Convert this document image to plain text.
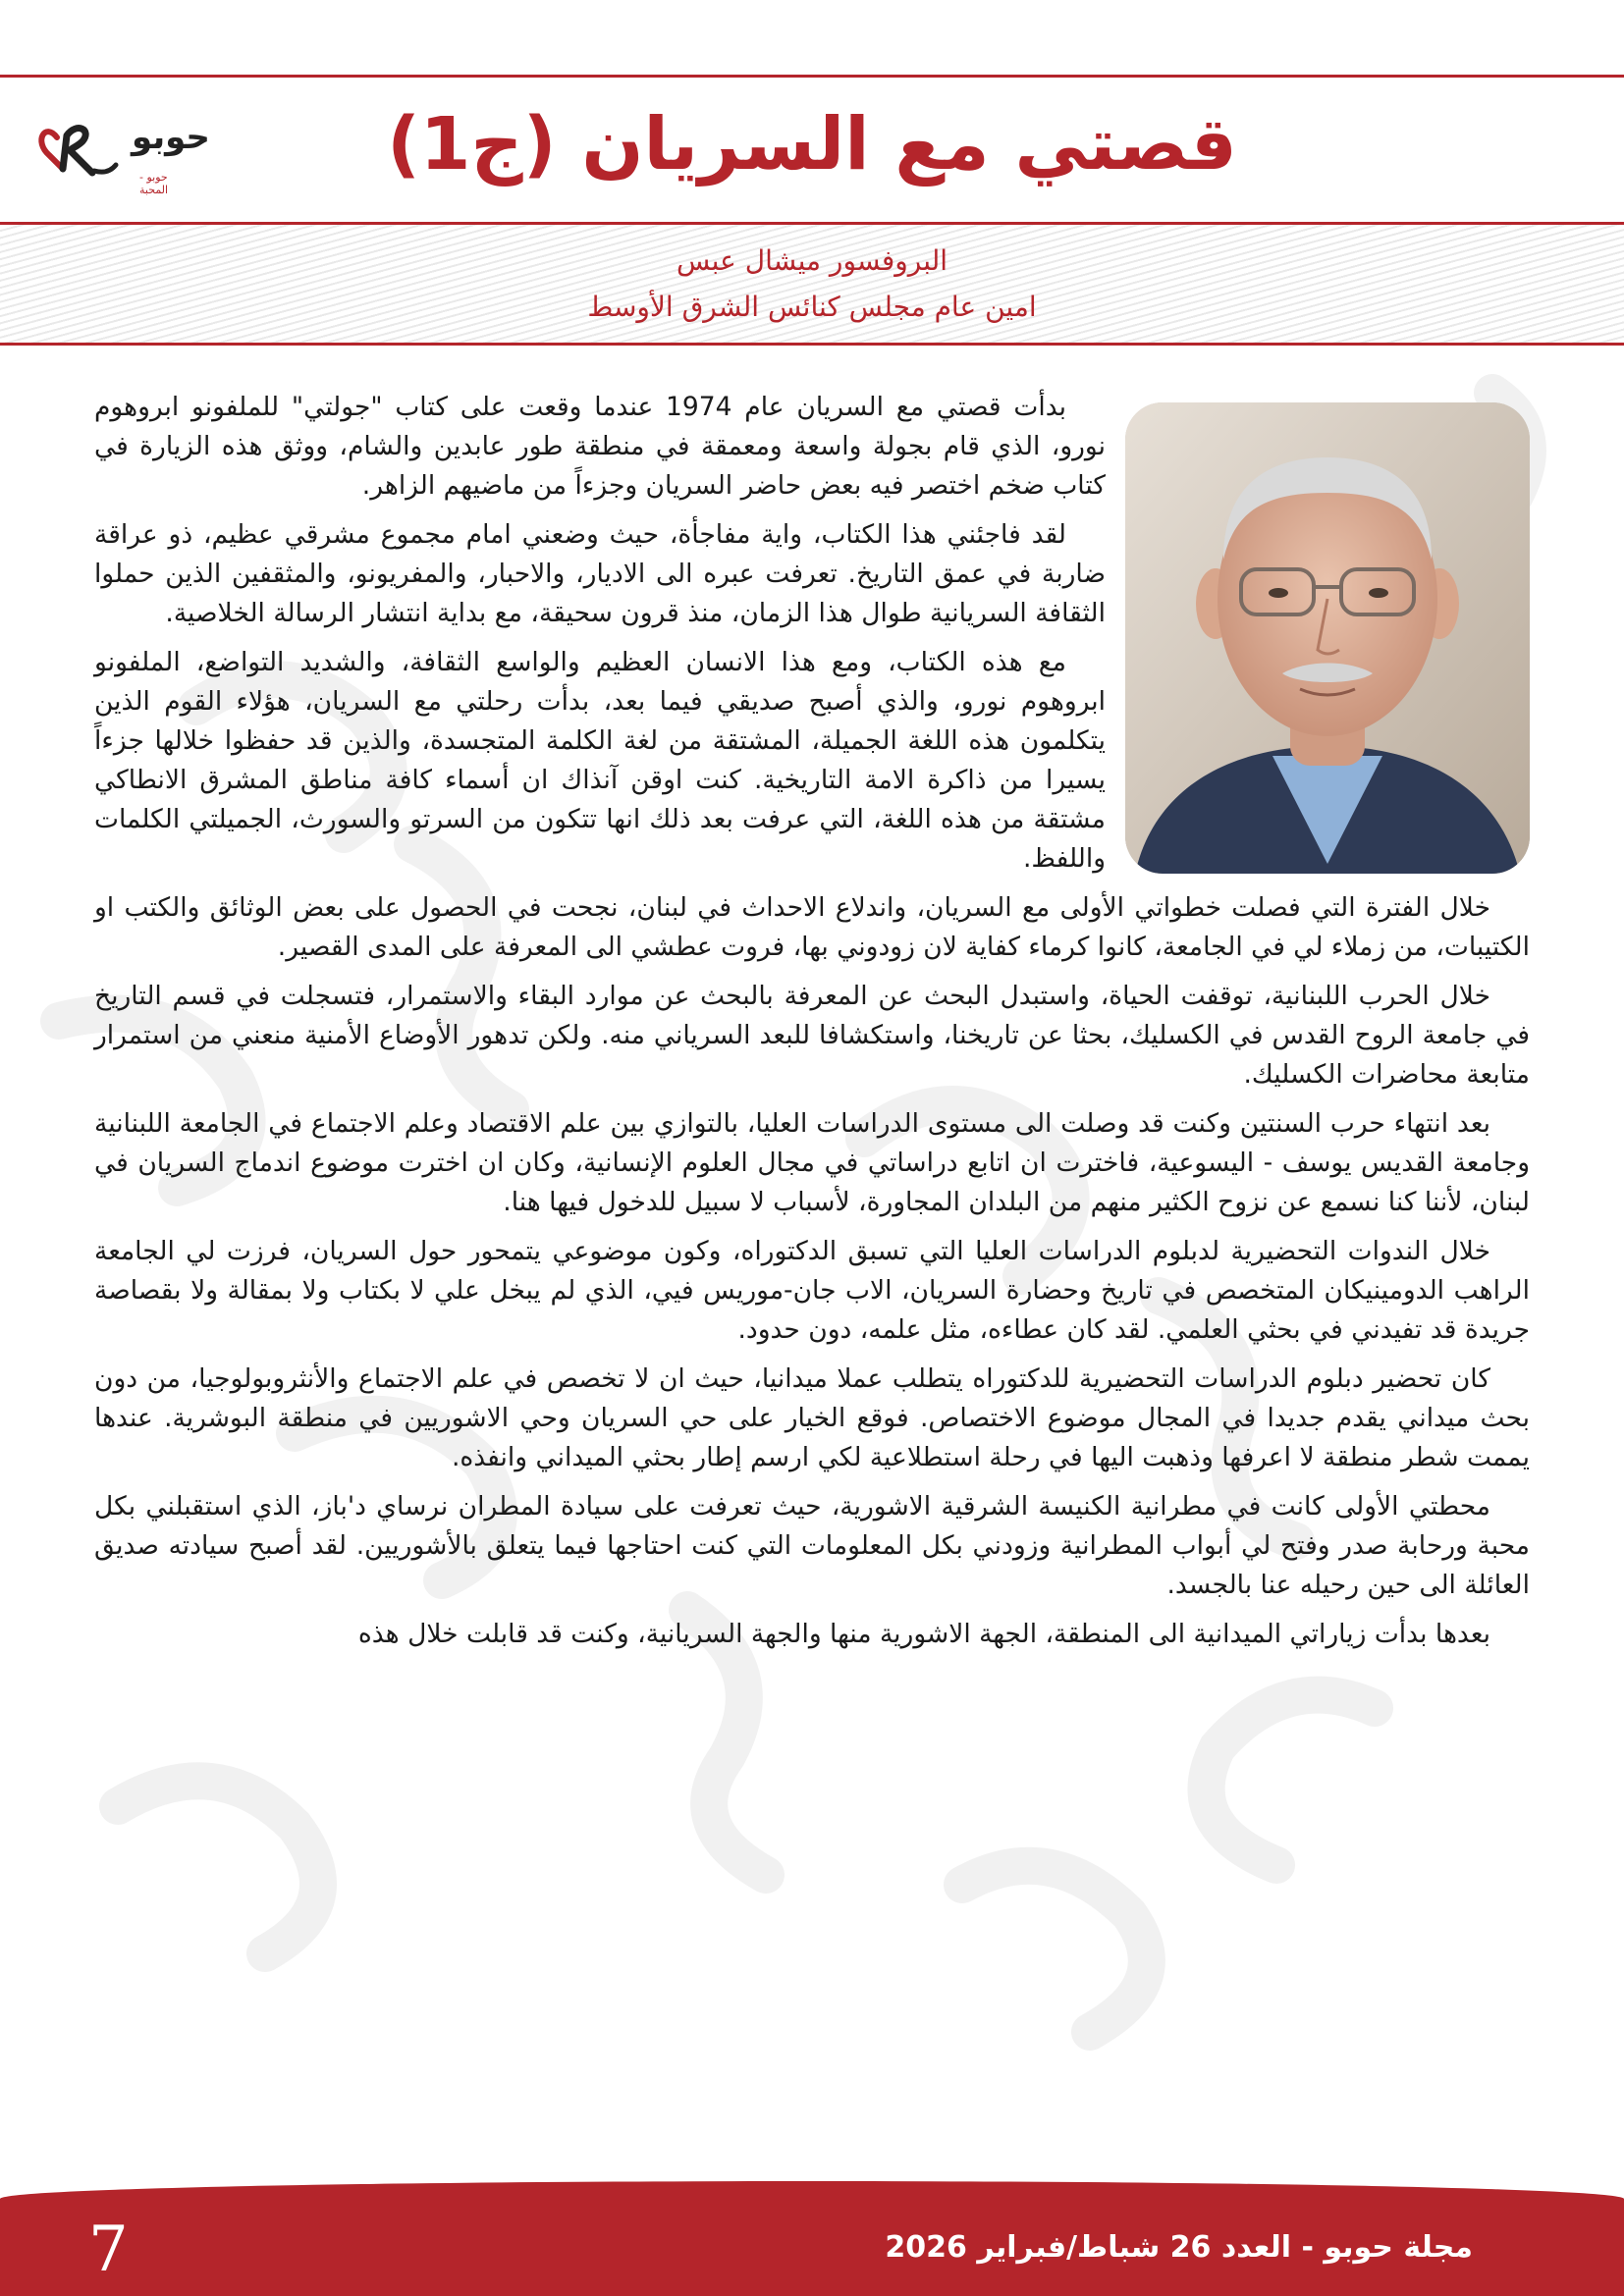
حوبو
حوبو - المحبة
قصتي مع السريان (ج1)
البروفسور ميشال عبس
امين عام مجلس كنائس الشرق الأوسط

بدأت قصتي مع السريان عام 1974 عندما وقعت على كتاب "جولتي" للملفونو ابروهوم نورو، الذي قام بجولة واسعة ومعمقة في منطقة طور عابدين والشام، ووثق هذه الزيارة في كتاب ضخم اختصر فيه بعض حاضر السريان وجزءاً من ماضيهم الزاهر.

لقد فاجئني هذا الكتاب، واية مفاجأة، حيث وضعني امام مجموع مشرقي عظيم، ذو عراقة ضاربة في عمق التاريخ. تعرفت عبره الى الاديار، والاحبار، والمفريونو، والمثقفين الذين حملوا الثقافة السريانية طوال هذا الزمان، منذ قرون سحيقة، مع بداية انتشار الرسالة الخلاصية.

مع هذه الكتاب، ومع هذا الانسان العظيم والواسع الثقافة، والشديد التواضع، الملفونو ابروهوم نورو، والذي أصبح صديقي فيما بعد، بدأت رحلتي مع السريان، هؤلاء القوم الذين يتكلمون هذه اللغة الجميلة، المشتقة من لغة الكلمة المتجسدة، والذين قد حفظوا خلالها جزءاً يسيرا من ذاكرة الامة التاريخية. كنت اوقن آنذاك ان أسماء كافة مناطق المشرق الانطاكي مشتقة من هذه اللغة، التي عرفت بعد ذلك انها تتكون من السرتو والسورث، الجميلتي الكلمات واللفظ.

خلال الفترة التي فصلت خطواتي الأولى مع السريان، واندلاع الاحداث في لبنان، نجحت في الحصول على بعض الوثائق والكتب او الكتيبات، من زملاء لي في الجامعة، كانوا كرماء كفاية لان زودوني بها، فروت عطشي الى المعرفة على المدى القصير.

خلال الحرب اللبنانية، توقفت الحياة، واستبدل البحث عن المعرفة بالبحث عن موارد البقاء والاستمرار، فتسجلت في قسم التاريخ في جامعة الروح القدس في الكسليك، بحثا عن تاريخنا، واستكشافا للبعد السرياني منه. ولكن تدهور الأوضاع الأمنية منعني من استمرار متابعة محاضرات الكسليك.

بعد انتهاء حرب السنتين وكنت قد وصلت الى مستوى الدراسات العليا، بالتوازي بين علم الاقتصاد وعلم الاجتماع في الجامعة اللبنانية وجامعة القديس يوسف - اليسوعية، فاخترت ان اتابع دراساتي في مجال العلوم الإنسانية، وكان ان اخترت موضوع اندماج السريان في لبنان، لأننا كنا نسمع عن نزوح الكثير منهم من البلدان المجاورة، لأسباب لا سبيل للدخول فيها هنا.

خلال الندوات التحضيرية لدبلوم الدراسات العليا التي تسبق الدكتوراه، وكون موضوعي يتمحور حول السريان، فرزت لي الجامعة الراهب الدومينيكان المتخصص في تاريخ وحضارة السريان، الاب جان-موريس فيي، الذي لم يبخل علي لا بكتاب ولا بمقالة ولا بقصاصة جريدة قد تفيدني في بحثي العلمي. لقد كان عطاءه، مثل علمه، دون حدود.

كان تحضير دبلوم الدراسات التحضيرية للدكتوراه يتطلب عملا ميدانيا، حيث ان لا تخصص في علم الاجتماع والأنثروبولوجيا، من دون بحث ميداني يقدم جديدا في المجال موضوع الاختصاص. فوقع الخيار على حي السريان وحي الاشوريين في منطقة البوشرية. عندها يممت شطر منطقة لا اعرفها وذهبت اليها في رحلة استطلاعية لكي ارسم إطار بحثي الميداني وانفذه.

محطتي الأولى كانت في مطرانية الكنيسة الشرقية الاشورية، حيث تعرفت على سيادة المطران نرساي د'باز، الذي استقبلني بكل محبة ورحابة صدر وفتح لي أبواب المطرانية وزودني بكل المعلومات التي كنت احتاجها فيما يتعلق بالأشوريين. لقد أصبح سيادته صديق العائلة الى حين رحيله عنا بالجسد.

بعدها بدأت زياراتي الميدانية الى المنطقة، الجهة الاشورية منها والجهة السريانية، وكنت قد قابلت خلال هذه

7	مجلة حوبو - العدد 26 شباط/فبراير 2026
